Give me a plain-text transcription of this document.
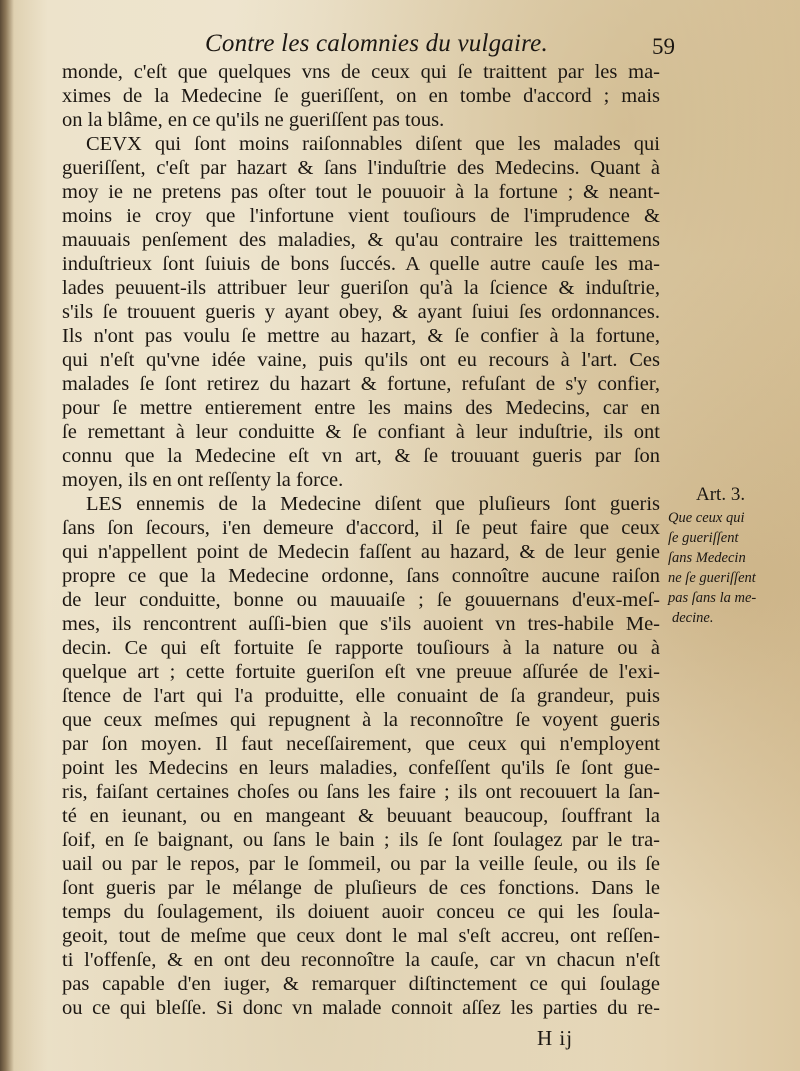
Contre les calomnies du vulgaire.	59
monde, c'eſt que quelques vns de ceux qui ſe traittent par les ma-
ximes de la Medecine ſe gueriſſent, on en tombe d'accord ; mais
on la blâme, en ce qu'ils ne gueriſſent pas tous.
CEVX qui ſont moins raiſonnables diſent que les malades qui
gueriſſent, c'eſt par hazart & ſans l'induſtrie des Medecins. Quant à
moy ie ne pretens pas oſter tout le pouuoir à la fortune ; & neant-
moins ie croy que l'infortune vient touſiours de l'imprudence &
mauuais penſement des maladies, & qu'au contraire les traittemens
induſtrieux ſont ſuiuis de bons ſuccés. A quelle autre cauſe les ma-
lades peuuent-ils attribuer leur gueriſon qu'à la ſcience & induſtrie,
s'ils ſe trouuent gueris y ayant obey, & ayant ſuiui ſes ordonnances.
Ils n'ont pas voulu ſe mettre au hazart, & ſe confier à la fortune,
qui n'eſt qu'vne idée vaine, puis qu'ils ont eu recours à l'art. Ces
malades ſe ſont retirez du hazart & fortune, refuſant de s'y confier,
pour ſe mettre entierement entre les mains des Medecins, car en
ſe remettant à leur conduitte & ſe confiant à leur induſtrie, ils ont
connu que la Medecine eſt vn art, & ſe trouuant gueris par ſon
moyen, ils en ont reſſenty la force.
LES ennemis de la Medecine diſent que pluſieurs ſont gueris
ſans ſon ſecours, i'en demeure d'accord, il ſe peut faire que ceux
qui n'appellent point de Medecin faſſent au hazard, & de leur genie
propre ce que la Medecine ordonne, ſans connoître aucune raiſon
de leur conduitte, bonne ou mauuaiſe ; ſe gouuernans d'eux-meſ-
mes, ils rencontrent auſſi-bien que s'ils auoient vn tres-habile Me-
decin. Ce qui eſt fortuite ſe rapporte touſiours à la nature ou à
quelque art ; cette fortuite gueriſon eſt vne preuue aſſurée de l'exi-
ſtence de l'art qui l'a produitte, elle conuaint de ſa grandeur, puis
que ceux meſmes qui repugnent à la reconnoître ſe voyent gueris
par ſon moyen. Il faut neceſſairement, que ceux qui n'employent
point les Medecins en leurs maladies, confeſſent qu'ils ſe ſont gue-
ris, faiſant certaines choſes ou ſans les faire ; ils ont recouuert la ſan-
té en ieunant, ou en mangeant & beuuant beaucoup, ſouffrant la
ſoif, en ſe baignant, ou ſans le bain ; ils ſe ſont ſoulagez par le tra-
uail ou par le repos, par le ſommeil, ou par la veille ſeule, ou ils ſe
ſont gueris par le mélange de pluſieurs de ces fonctions. Dans le
temps du ſoulagement, ils doiuent auoir conceu ce qui les ſoula-
geoit, tout de meſme que ceux dont le mal s'eſt accreu, ont reſſen-
ti l'offenſe, & en ont deu reconnoître la cauſe, car vn chacun n'eſt
pas capable d'en iuger, & remarquer diſtinctement ce qui ſoulage
ou ce qui bleſſe. Si donc vn malade connoit aſſez les parties du re-
Art. 3.
Que ceux qui
ſe gueriſſent
ſans Medecin
ne ſe gueriſſent
pas ſans la me-
decine.
H ij
